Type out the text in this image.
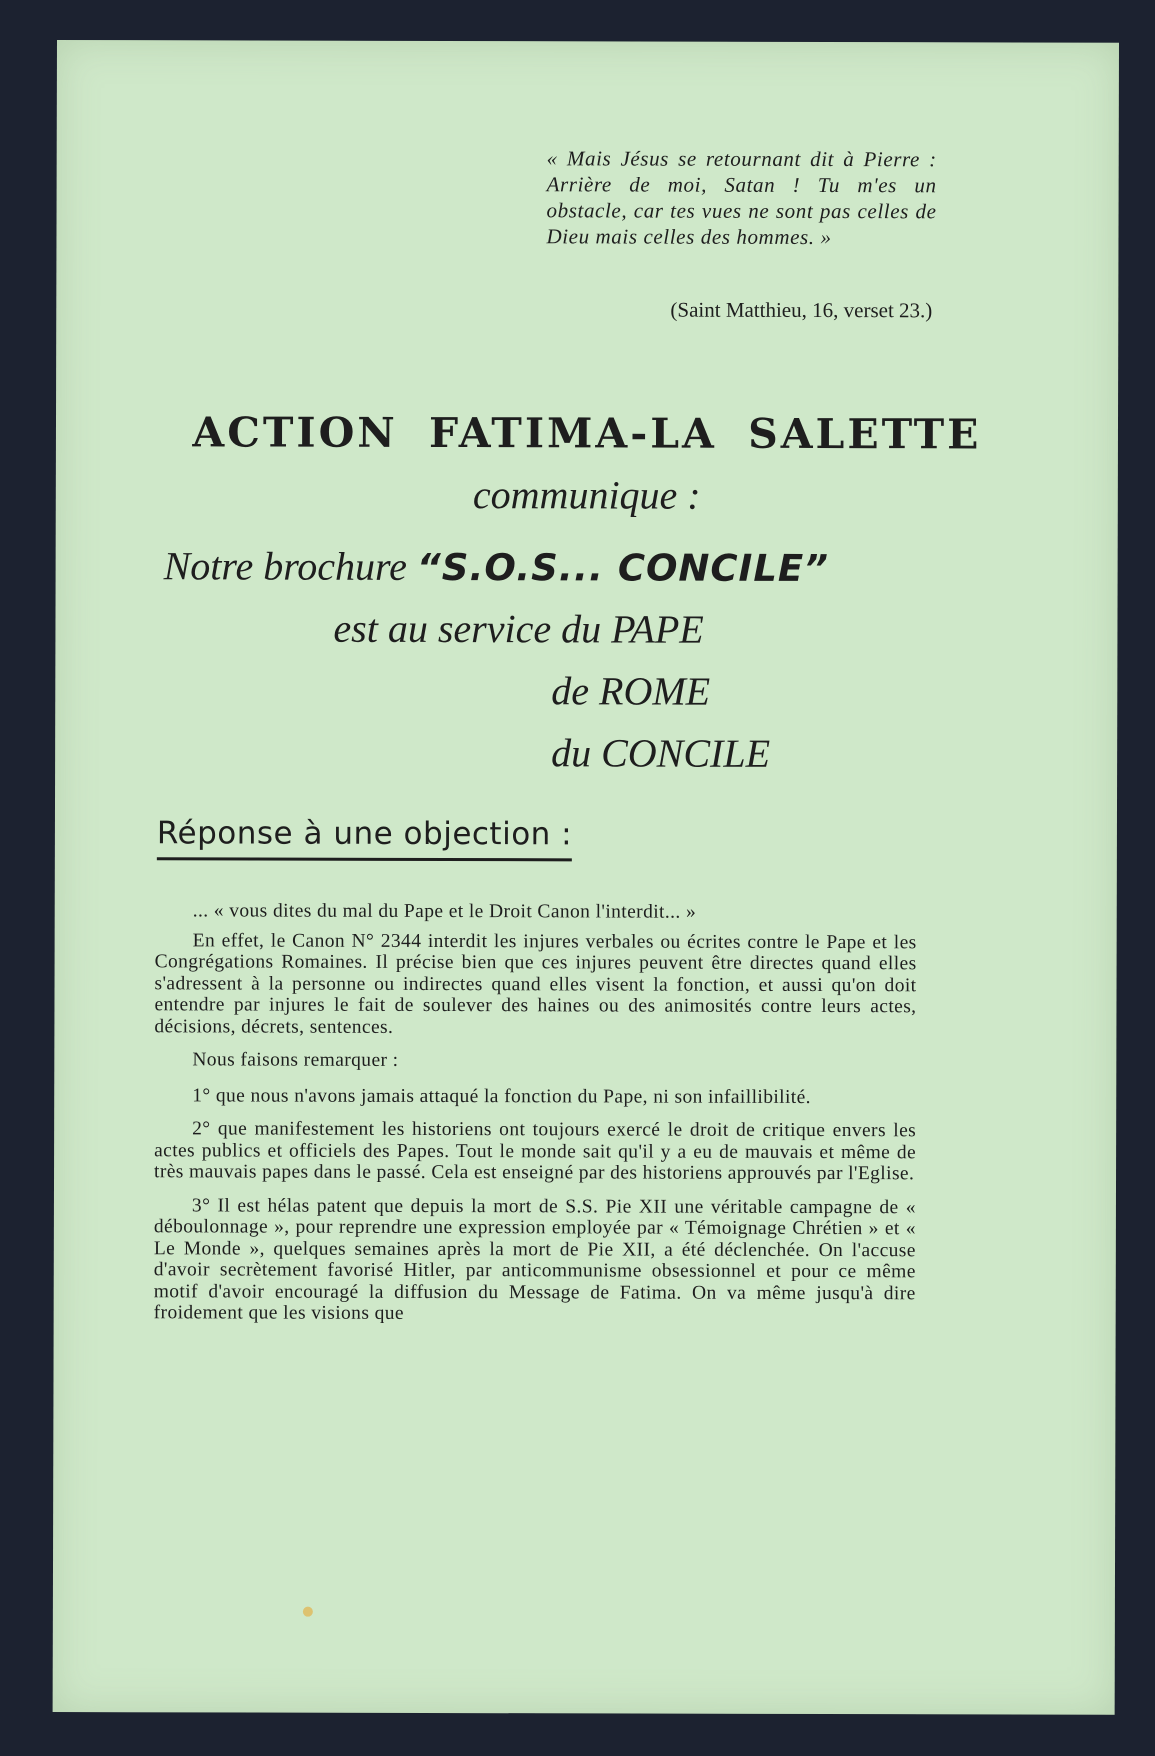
« Mais Jésus se retournant dit à Pierre : Arrière de moi, Satan ! Tu m'es un obstacle, car tes vues ne sont pas celles de Dieu mais celles des hommes. »
(Saint Matthieu, 16, verset 23.)
ACTION FATIMA-LA SALETTE
communique :
Notre brochure “S.O.S... CONCILE”
est au service du PAPE
de ROME
du CONCILE
Réponse à une objection :

... « vous dites du mal du Pape et le Droit Canon l'interdit... »

En effet, le Canon N° 2344 interdit les injures verbales ou écrites contre le Pape et les Congrégations Romaines. Il précise bien que ces injures peuvent être directes quand elles s'adressent à la personne ou indirectes quand elles visent la fonction, et aussi qu'on doit entendre par injures le fait de soulever des haines ou des animosités contre leurs actes, décisions, décrets, sentences.

Nous faisons remarquer :

1° que nous n'avons jamais attaqué la fonction du Pape, ni son infaillibilité.

2° que manifestement les historiens ont toujours exercé le droit de critique envers les actes publics et officiels des Papes. Tout le monde sait qu'il y a eu de mauvais et même de très mauvais papes dans le passé. Cela est enseigné par des historiens approuvés par l'Eglise.

3° Il est hélas patent que depuis la mort de S.S. Pie XII une véritable campagne de « déboulonnage », pour reprendre une expression employée par « Témoignage Chrétien » et « Le Monde », quelques semaines après la mort de Pie XII, a été déclenchée. On l'accuse d'avoir secrètement favorisé Hitler, par anticommunisme obsessionnel et pour ce même motif d'avoir encouragé la diffusion du Message de Fatima. On va même jusqu'à dire froidement que les visions que
